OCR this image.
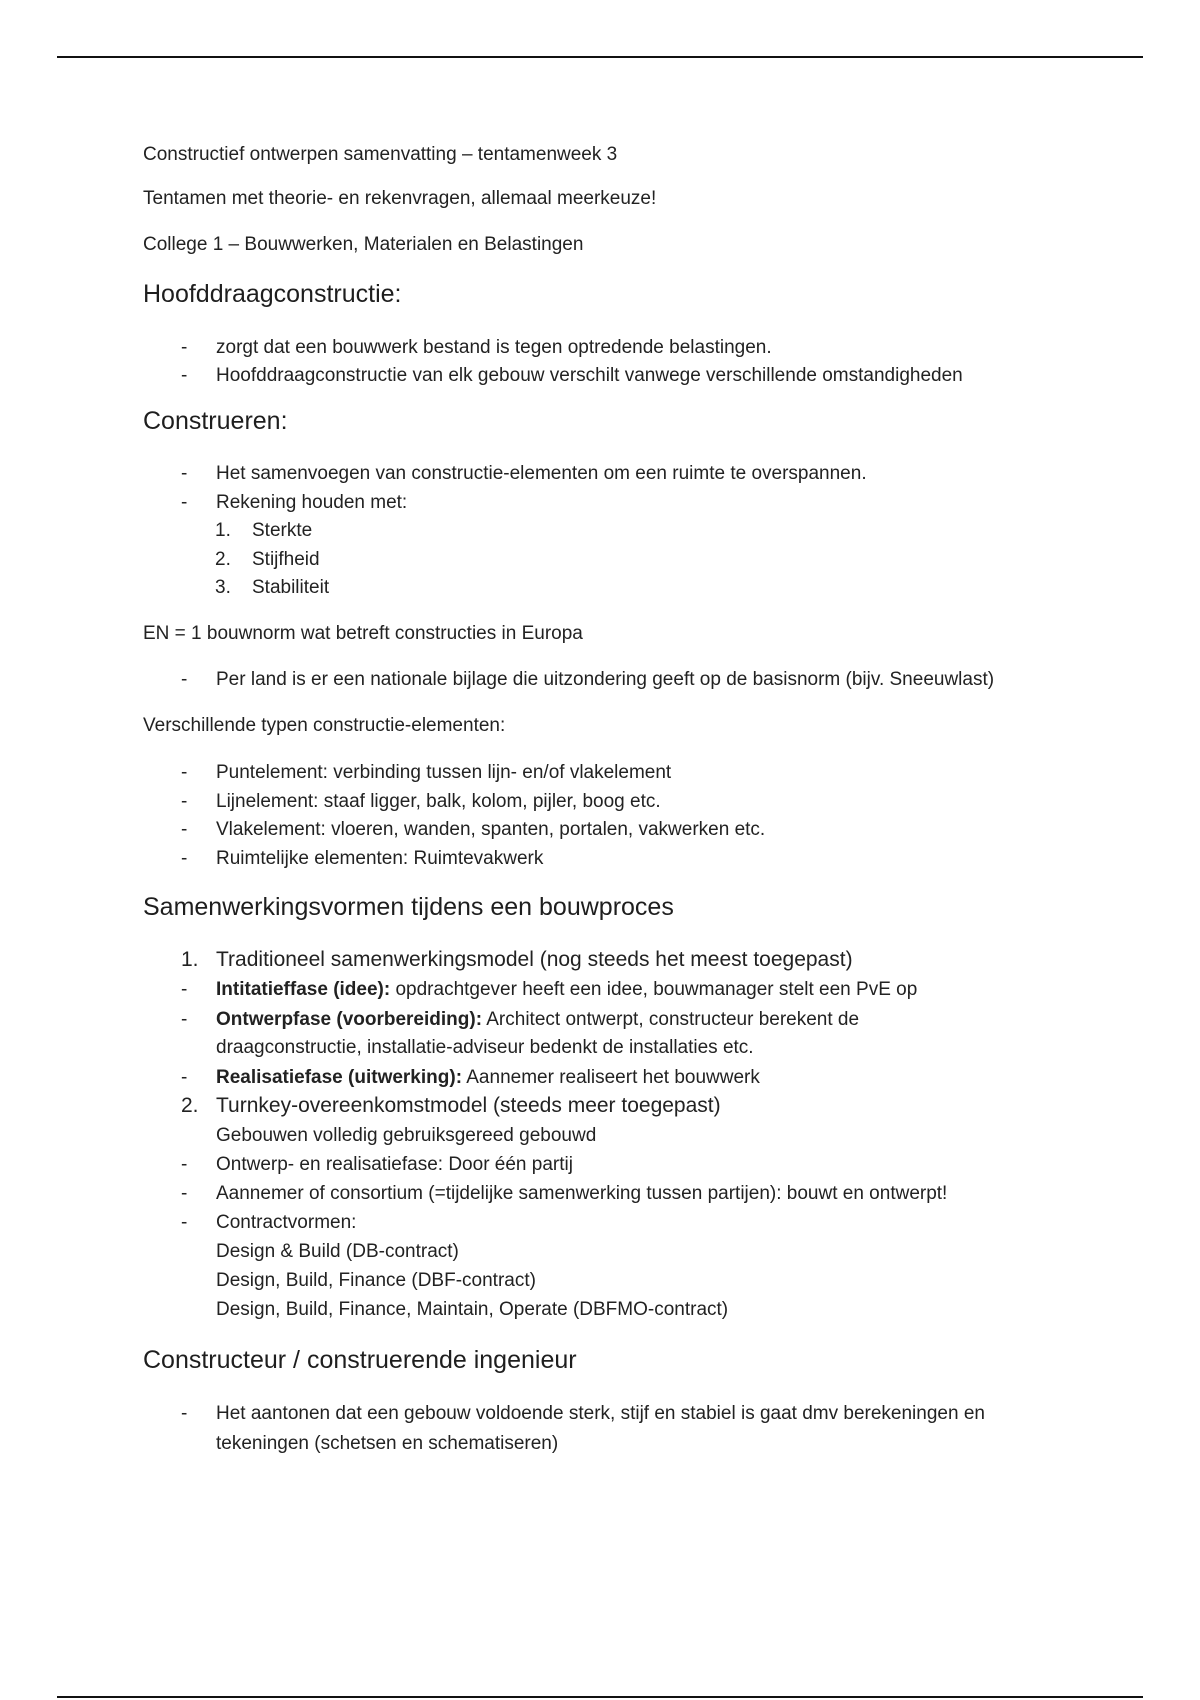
Constructief ontwerpen samenvatting – tentamenweek 3
Tentamen met theorie- en rekenvragen, allemaal meerkeuze!
College 1 – Bouwwerken, Materialen en Belastingen
Hoofddraagconstructie:
-	zorgt dat een bouwwerk bestand is tegen optredende belastingen.
-	Hoofddraagconstructie van elk gebouw verschilt vanwege verschillende omstandigheden
Construeren:
-	Het samenvoegen van constructie-elementen om een ruimte te overspannen.
-	Rekening houden met:
1. Sterkte
2. Stijfheid
3. Stabiliteit
EN = 1 bouwnorm wat betreft constructies in Europa
-	Per land is er een nationale bijlage die uitzondering geeft op de basisnorm (bijv. Sneeuwlast)
Verschillende typen constructie-elementen:
-	Puntelement: verbinding tussen lijn- en/of vlakelement
-	Lijnelement: staaf ligger, balk, kolom, pijler, boog etc.
-	Vlakelement: vloeren, wanden, spanten, portalen, vakwerken etc.
-	Ruimtelijke elementen: Ruimtevakwerk
Samenwerkingsvormen tijdens een bouwproces
1. Traditioneel samenwerkingsmodel (nog steeds het meest toegepast)
-	Intitatieffase (idee): opdrachtgever heeft een idee, bouwmanager stelt een PvE op
-	Ontwerpfase (voorbereiding): Architect ontwerpt, constructeur berekent de
draagconstructie, installatie-adviseur bedenkt de installaties etc.
-	Realisatiefase (uitwerking): Aannemer realiseert het bouwwerk
2. Turnkey-overeenkomstmodel (steeds meer toegepast)
Gebouwen volledig gebruiksgereed gebouwd
-	Ontwerp- en realisatiefase: Door één partij
-	Aannemer of consortium (=tijdelijke samenwerking tussen partijen): bouwt en ontwerpt!
-	Contractvormen:
Design & Build (DB-contract)
Design, Build, Finance (DBF-contract)
Design, Build, Finance, Maintain, Operate (DBFMO-contract)
Constructeur / construerende ingenieur
-	Het aantonen dat een gebouw voldoende sterk, stijf en stabiel is gaat dmv berekeningen en
tekeningen (schetsen en schematiseren)
